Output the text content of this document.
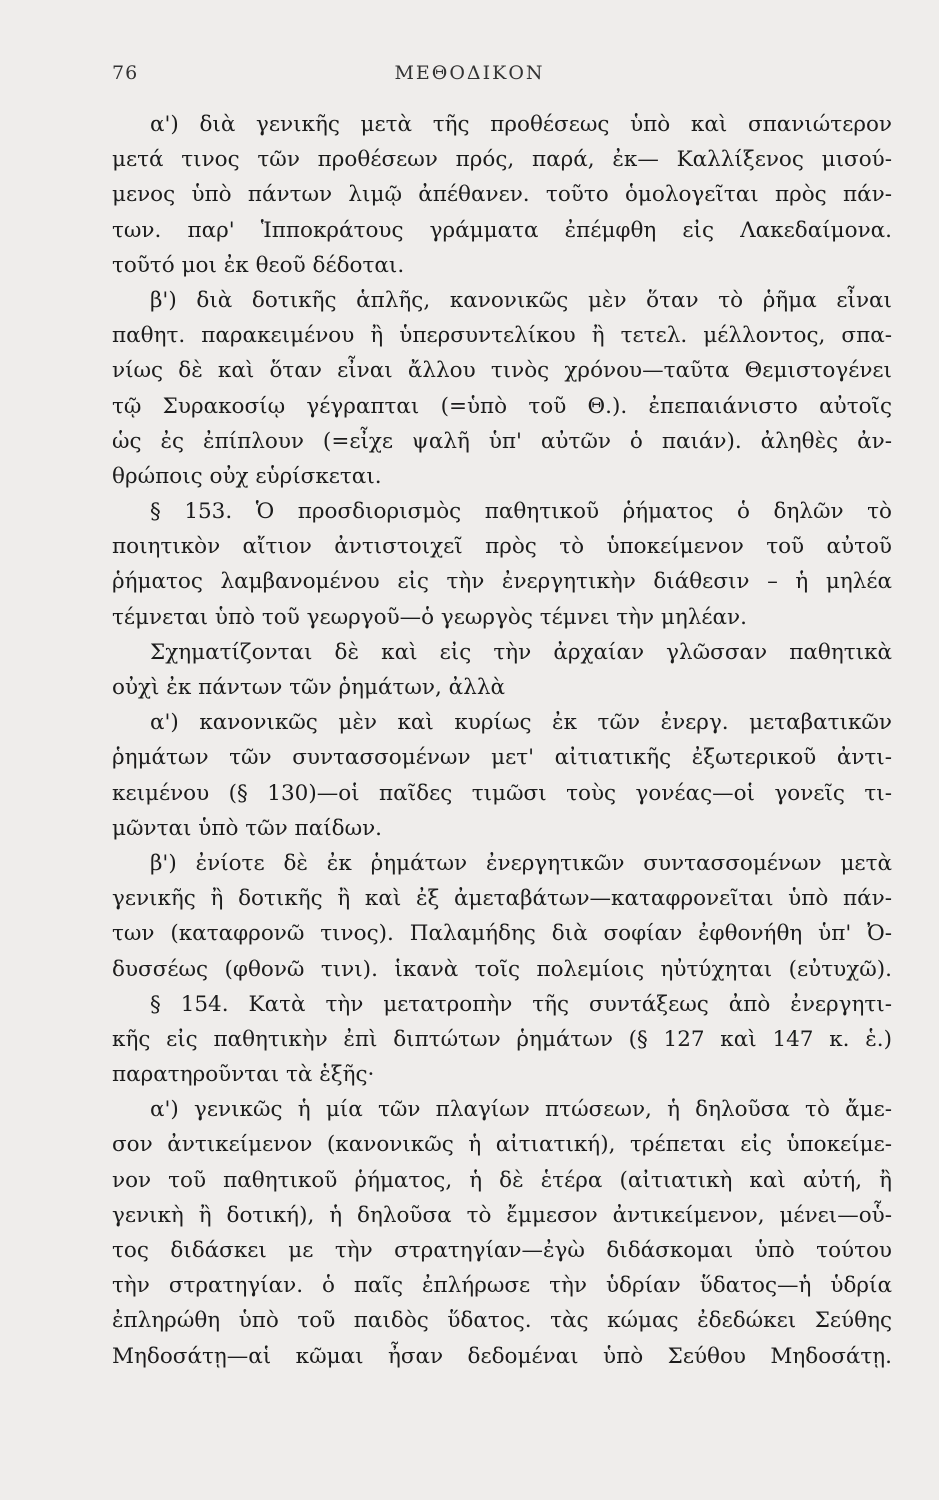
76	ΜΕΘΟΔΙΚΟΝ
α') διὰ γενικῆς μετὰ τῆς προθέσεως ὑπὸ καὶ σπανιώτερον
μετά τινος τῶν προθέσεων πρός, παρά, ἐκ— Καλλίξενος μισού-
μενος ὑπὸ πάντων λιμῷ ἀπέθανεν. τοῦτο ὁμολογεῖται πρὸς πάν-
των. παρ' Ἱπποκράτους γράμματα ἐπέμφθη εἰς Λακεδαίμονα.
τοῦτό μοι ἐκ θεοῦ δέδοται.
β') διὰ δοτικῆς ἁπλῆς, κανονικῶς μὲν ὅταν τὸ ῥῆμα εἶναι
παθητ. παρακειμένου ἢ ὑπερσυντελίκου ἢ τετελ. μέλλοντος, σπα-
νίως δὲ καὶ ὅταν εἶναι ἄλλου τινὸς χρόνου—ταῦτα Θεμιστογένει
τῷ Συρακοσίῳ γέγραπται (=ὑπὸ τοῦ Θ.). ἐπεπαιάνιστο αὐτοῖς
ὡς ἐς ἐπίπλουν (=εἶχε ψαλῆ ὑπ' αὐτῶν ὁ παιάν). ἀληθὲς ἀν-
θρώποις οὐχ εὑρίσκεται.
§ 153. Ὁ προσδιορισμὸς παθητικοῦ ῥήματος ὁ δηλῶν τὸ
ποιητικὸν αἴτιον ἀντιστοιχεῖ πρὸς τὸ ὑποκείμενον τοῦ αὐτοῦ
ῥήματος λαμβανομένου εἰς τὴν ἐνεργητικὴν διάθεσιν – ἡ μηλέα
τέμνεται ὑπὸ τοῦ γεωργοῦ—ὁ γεωργὸς τέμνει τὴν μηλέαν.
Σχηματίζονται δὲ καὶ εἰς τὴν ἀρχαίαν γλῶσσαν παθητικὰ
οὐχὶ ἐκ πάντων τῶν ῥημάτων, ἀλλὰ
α') κανονικῶς μὲν καὶ κυρίως ἐκ τῶν ἐνεργ. μεταβατικῶν
ῥημάτων τῶν συντασσομένων μετ' αἰτιατικῆς ἐξωτερικοῦ ἀντι-
κειμένου (§ 130)—οἱ παῖδες τιμῶσι τοὺς γονέας—οἱ γονεῖς τι-
μῶνται ὑπὸ τῶν παίδων.
β') ἐνίοτε δὲ ἐκ ῥημάτων ἐνεργητικῶν συντασσομένων μετὰ
γενικῆς ἢ δοτικῆς ἢ καὶ ἐξ ἀμεταβάτων—καταφρονεῖται ὑπὸ πάν-
των (καταφρονῶ τινος). Παλαμήδης διὰ σοφίαν ἐφθονήθη ὑπ' Ὀ-
δυσσέως (φθονῶ τινι). ἱκανὰ τοῖς πολεμίοις ηὐτύχηται (εὐτυχῶ).
§ 154. Κατὰ τὴν μετατροπὴν τῆς συντάξεως ἀπὸ ἐνεργητι-
κῆς εἰς παθητικὴν ἐπὶ διπτώτων ῥημάτων (§ 127 καὶ 147 κ. ἑ.)
παρατηροῦνται τὰ ἑξῆς·
α') γενικῶς ἡ μία τῶν πλαγίων πτώσεων, ἡ δηλοῦσα τὸ ἄμε-
σον ἀντικείμενον (κανονικῶς ἡ αἰτιατική), τρέπεται εἰς ὑποκείμε-
νον τοῦ παθητικοῦ ῥήματος, ἡ δὲ ἑτέρα (αἰτιατικὴ καὶ αὐτή, ἢ
γενικὴ ἢ δοτική), ἡ δηλοῦσα τὸ ἔμμεσον ἀντικείμενον, μένει—οὗ-
τος διδάσκει με τὴν στρατηγίαν—ἐγὼ διδάσκομαι ὑπὸ τούτου
τὴν στρατηγίαν. ὁ παῖς ἐπλήρωσε τὴν ὑδρίαν ὕδατος—ἡ ὑδρία
ἐπληρώθη ὑπὸ τοῦ παιδὸς ὕδατος. τὰς κώμας ἐδεδώκει Σεύθης
Μηδοσάτῃ—αἱ κῶμαι ἦσαν δεδομέναι ὑπὸ Σεύθου Μηδοσάτῃ.
